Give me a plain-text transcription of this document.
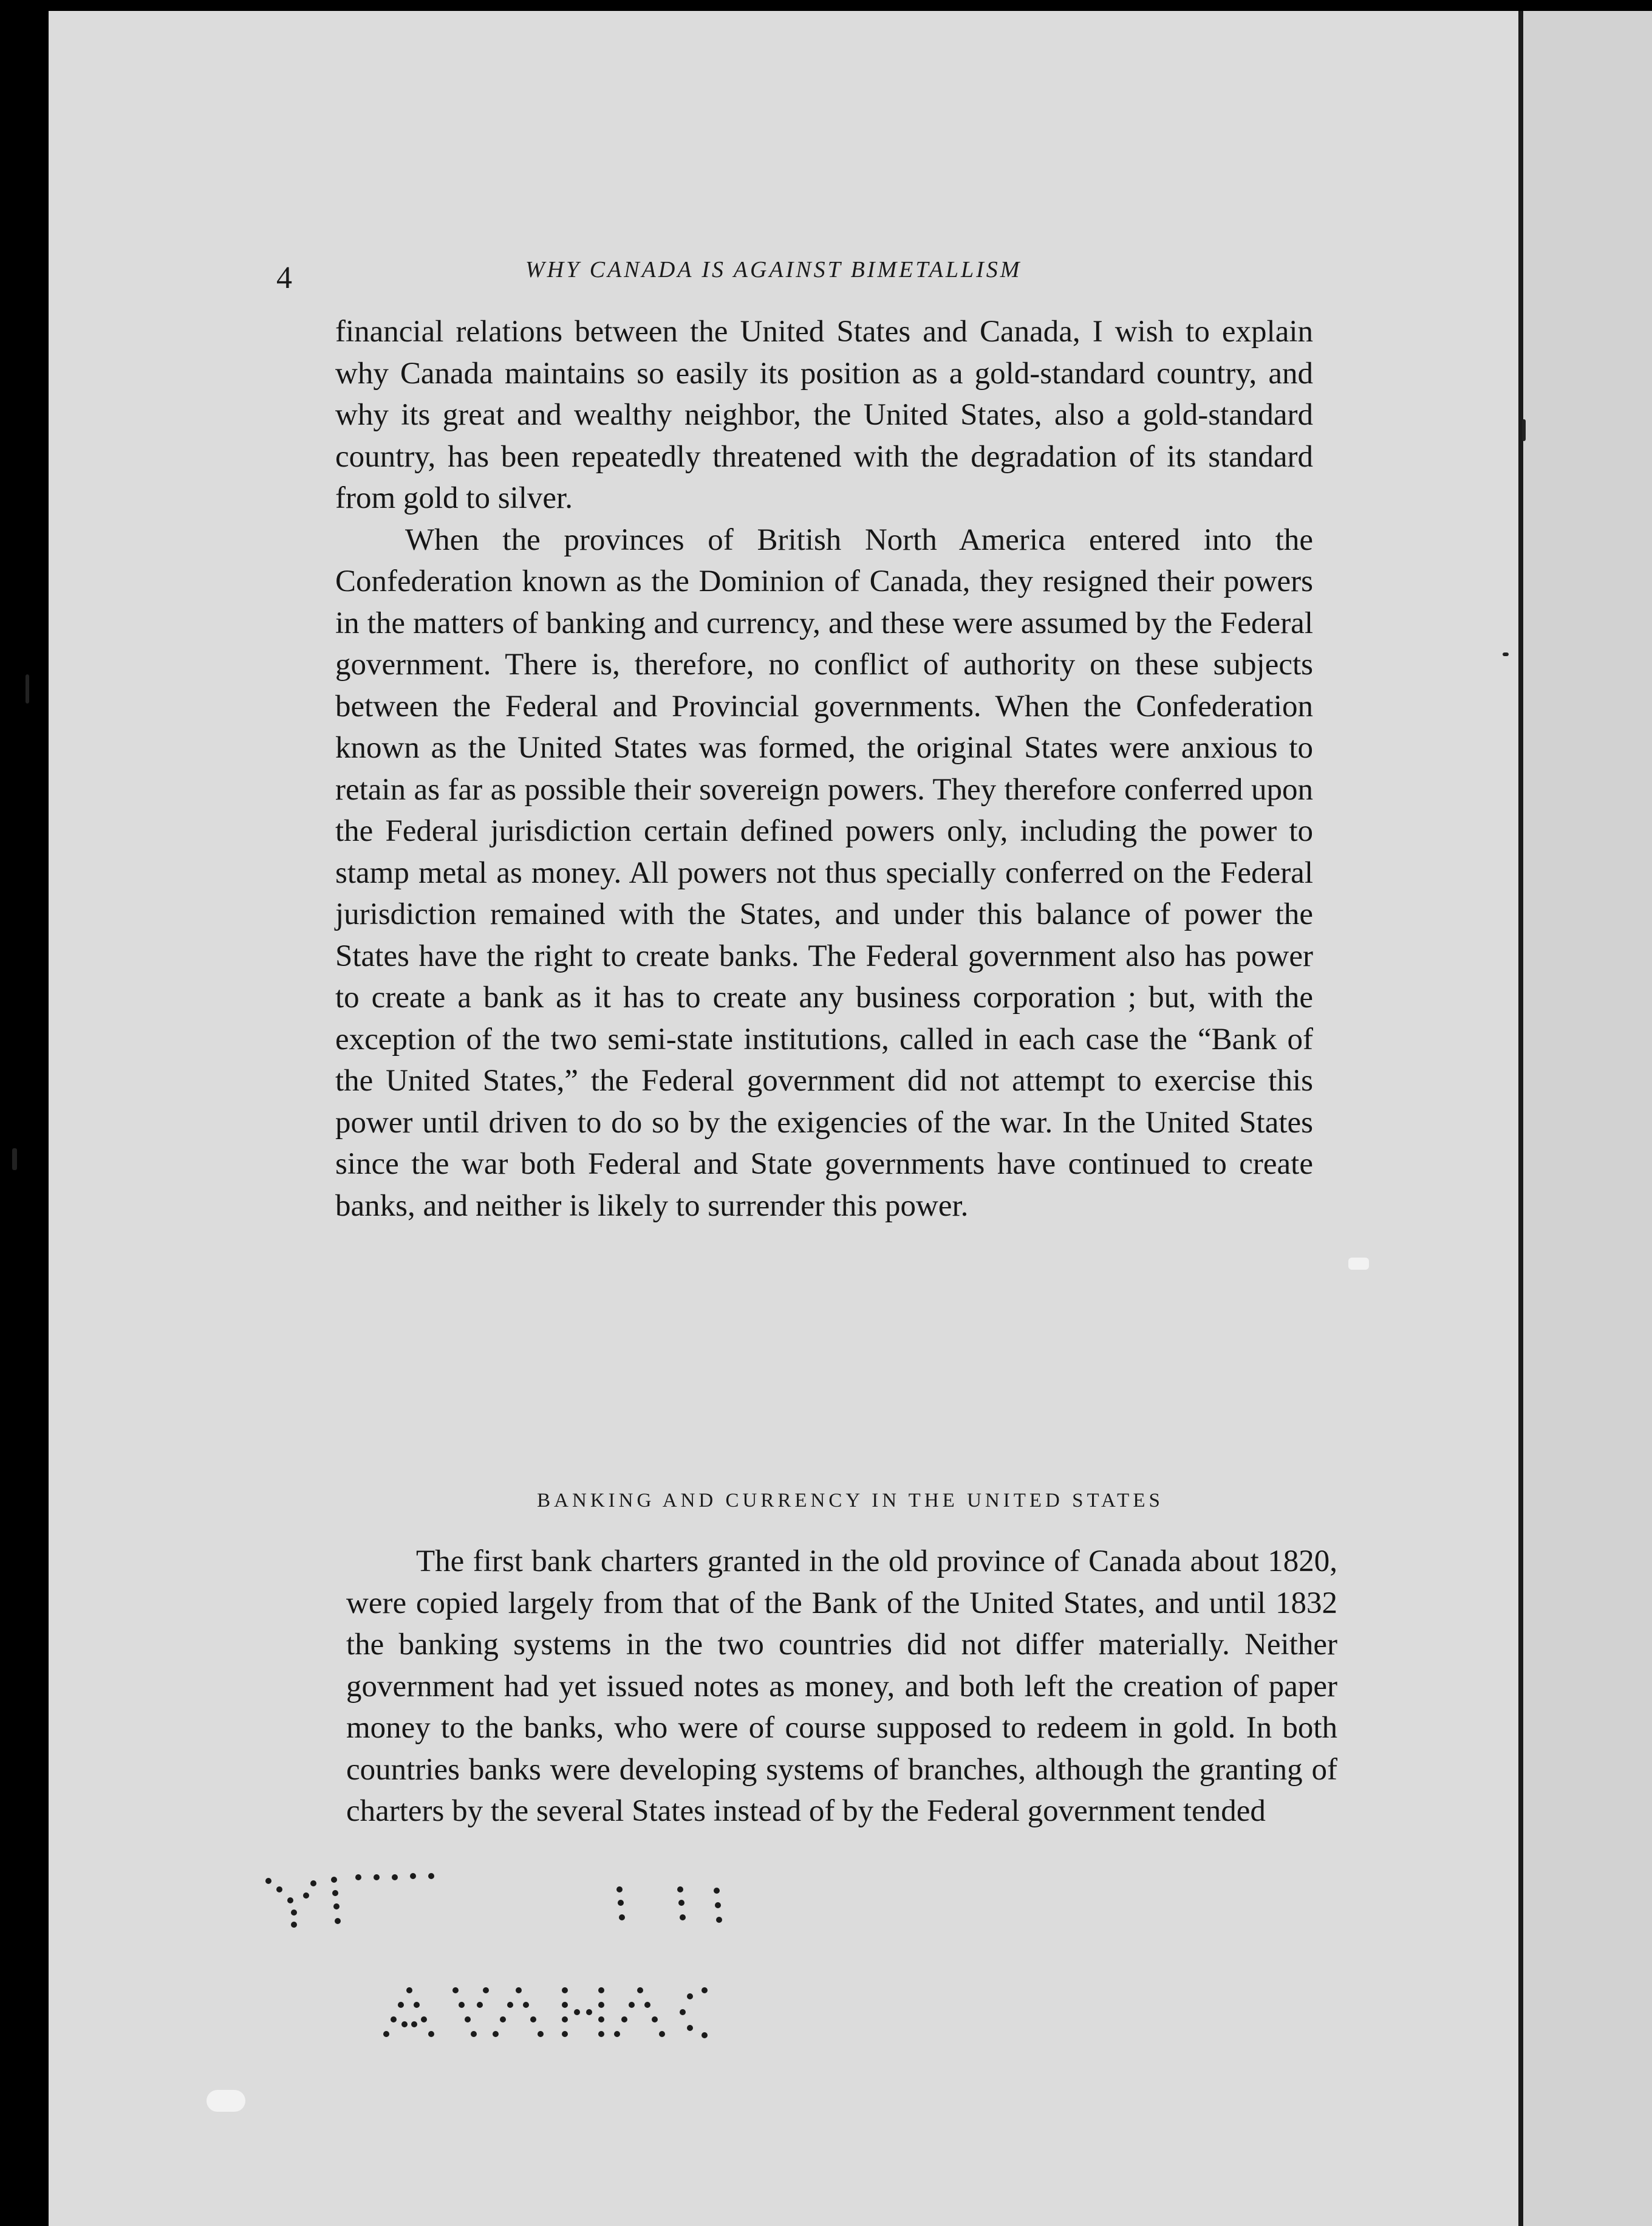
4	WHY CANADA IS AGAINST BIMETALLISM

financial relations between the United States and Canada, I wish to explain why Canada maintains so easily its position as a gold-standard country, and why its great and wealthy neighbor, the United States, also a gold-standard country, has been repeatedly threatened with the degradation of its standard from gold to silver.

When the provinces of British North America entered into the Confederation known as the Dominion of Canada, they resigned their powers in the matters of banking and currency, and these were assumed by the Federal government. There is, therefore, no conflict of authority on these subjects between the Federal and Provincial governments. When the Confederation known as the United States was formed, the original States were anxious to retain as far as possible their sovereign powers. They therefore conferred upon the Federal jurisdiction certain defined powers only, including the power to stamp metal as money. All powers not thus specially conferred on the Federal jurisdiction remained with the States, and under this balance of power the States have the right to create banks. The Federal government also has power to create a bank as it has to create any business corporation ; but, with the exception of the two semi-state institutions, called in each case the “Bank of the United States,” the Federal government did not attempt to exercise this power until driven to do so by the exigencies of the war. In the United States since the war both Federal and State governments have continued to create banks, and neither is likely to surrender this power.

BANKING AND CURRENCY IN THE UNITED STATES

The first bank charters granted in the old province of Canada about 1820, were copied largely from that of the Bank of the United States, and until 1832 the banking systems in the two countries did not differ materially. Neither government had yet issued notes as money, and both left the creation of paper money to the banks, who were of course supposed to redeem in gold. In both countries banks were developing systems of branches, although the granting of charters by the several States instead of by the Federal government tended
